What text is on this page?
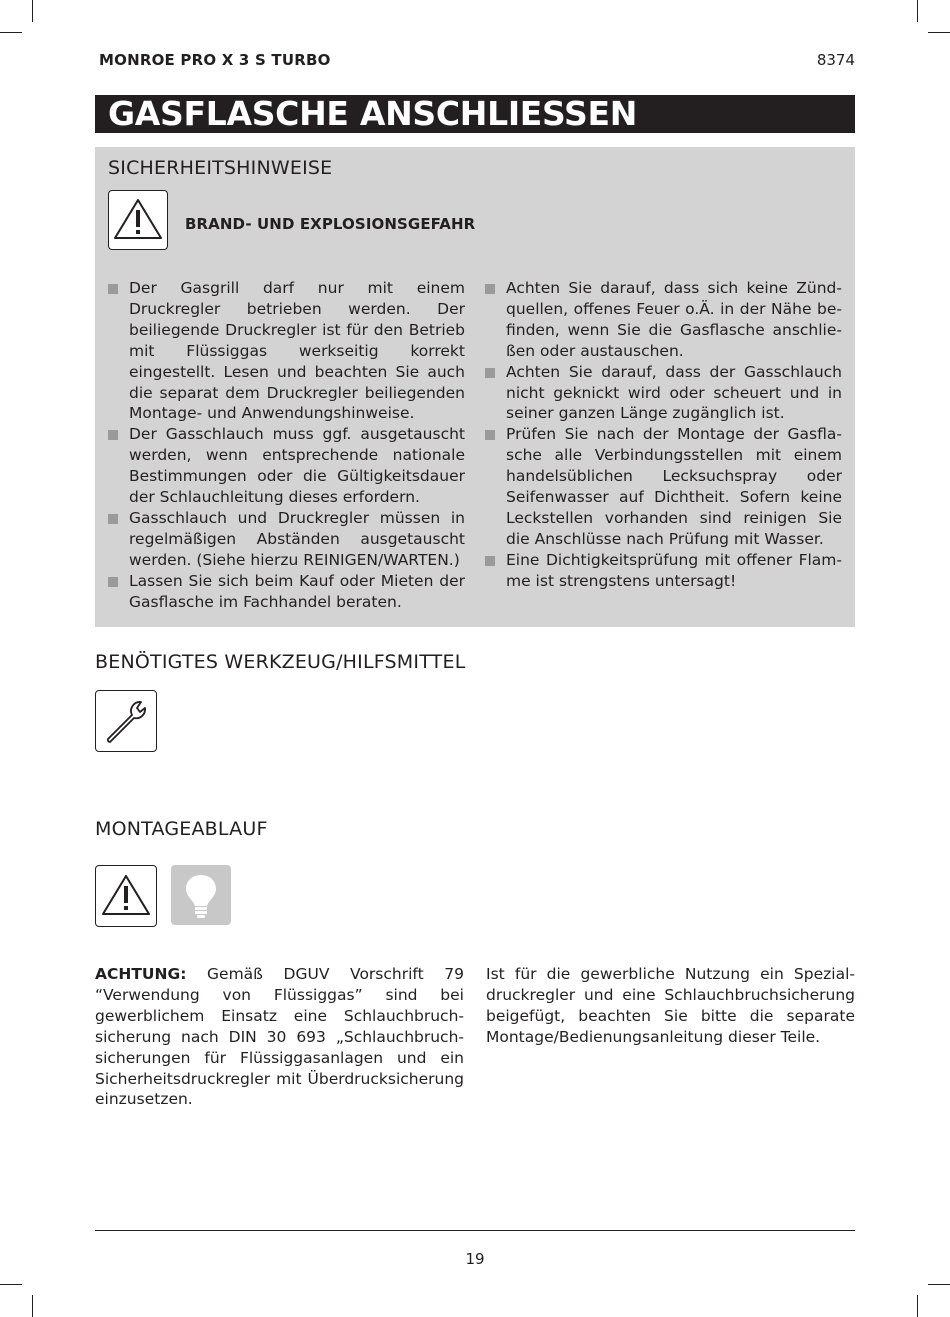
MONROE PRO X 3 S TURBO	8374
GASFLASCHE ANSCHLIESSEN
SICHERHEITSHINWEISE
BRAND- UND EXPLOSIONSGEFAHR
Der Gasgrill darf nur mit einem Druckregler betrieben werden. Der beiliegende Druckregler ist für den Betrieb mit Flüssiggas werkseitig korrekt eingestellt. Lesen und beachten Sie auch die separat dem Druckregler beiliegenden Montage- und Anwendungshinweise.
Der Gasschlauch muss ggf. ausgetauscht werden, wenn entsprechende nationale Bestimmungen oder die Gültigkeitsdauer der Schlauchleitung dieses erfordern.
Gasschlauch und Druckregler müssen in regelmäßigen Abständen ausgetauscht werden. (Siehe hierzu REINIGEN/WARTEN.)
Lassen Sie sich beim Kauf oder Mieten der Gasflasche im Fachhandel beraten.
Achten Sie darauf, dass sich keine Zündquellen, offenes Feuer o.Ä. in der Nähe befinden, wenn Sie die Gasflasche anschließen oder austauschen.
Achten Sie darauf, dass der Gasschlauch nicht geknickt wird oder scheuert und in seiner ganzen Länge zugänglich ist.
Prüfen Sie nach der Montage der Gasflasche alle Verbindungsstellen mit einem handelsüblichen Lecksuchspray oder Seifenwasser auf Dichtheit. Sofern keine Leckstellen vorhanden sind reinigen Sie die Anschlüsse nach Prüfung mit Wasser.
Eine Dichtigkeitsprüfung mit offener Flamme ist strengstens untersagt!
BENÖTIGTES WERKZEUG/HILFSMITTEL
MONTAGEABLAUF
ACHTUNG: Gemäß DGUV Vorschrift 79 “Verwendung von Flüssiggas” sind bei gewerblichem Einsatz eine Schlauchbruchsicherung nach DIN 30 693 „Schlauchbruchsicherungen für Flüssiggasanlagen und ein Sicherheitsdruckregler mit Überdrucksicherung einzusetzen.
Ist für die gewerbliche Nutzung ein Spezialdruckregler und eine Schlauchbruchsicherung beigefügt, beachten Sie bitte die separate Montage/Bedienungsanleitung dieser Teile.
19
